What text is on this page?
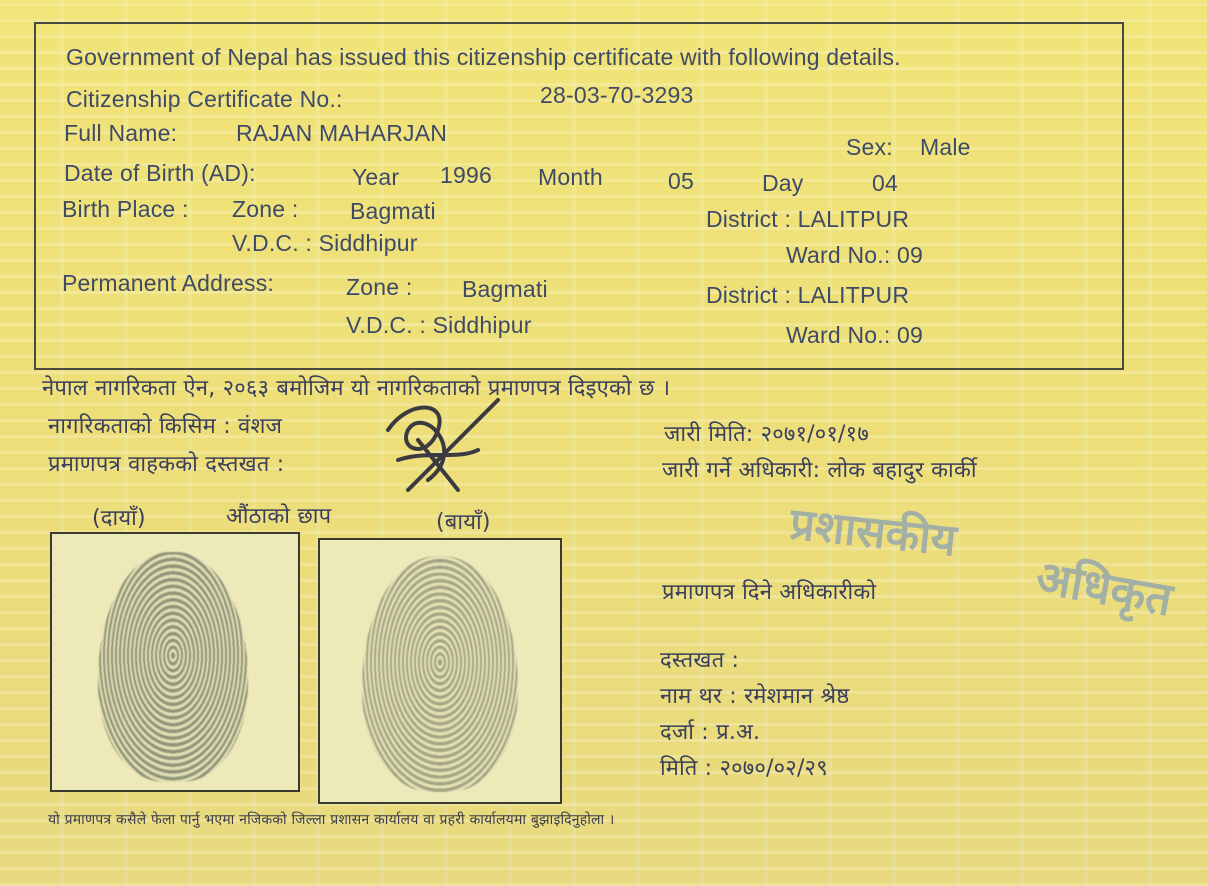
Government of Nepal has issued this citizenship certificate with following details.
Citizenship Certificate No.:	28-03-70-3293
Full Name:	RAJAN MAHARJAN
Sex: Male
Date of Birth (AD):	Year 1996 Month	05	Day	04
Birth Place : Zone : Bagmati	District : LALITPUR
V.D.C. : Siddhipur	Ward No.: 09
Permanent Address:	Zone : Bagmati	District : LALITPUR
V.D.C. : Siddhipur	Ward No.: 09
नेपाल नागरिकता ऐन, २०६३ बमोजिम यो नागरिकताको प्रमाणपत्र दिइएको छ ।
नागरिकताको किसिम : वंशज
प्रमाणपत्र वाहकको दस्तखत :
जारी मिति: २०७१/०१/१७
जारी गर्ने अधिकारी: लोक बहादुर कार्की
(दायाँ)	औंठाको छाप	(बायाँ)	प्रशासकीय
अधिकृत
प्रमाणपत्र दिने अधिकारीको
दस्तखत :
नाम थर : रमेशमान श्रेष्ठ
दर्जा : प्र.अ.
मिति : २०७०/०२/२९
यो प्रमाणपत्र कसैले फेला पार्नु भएमा नजिकको जिल्ला प्रशासन कार्यालय वा प्रहरी कार्यालयमा बुझाइदिनुहोला ।
